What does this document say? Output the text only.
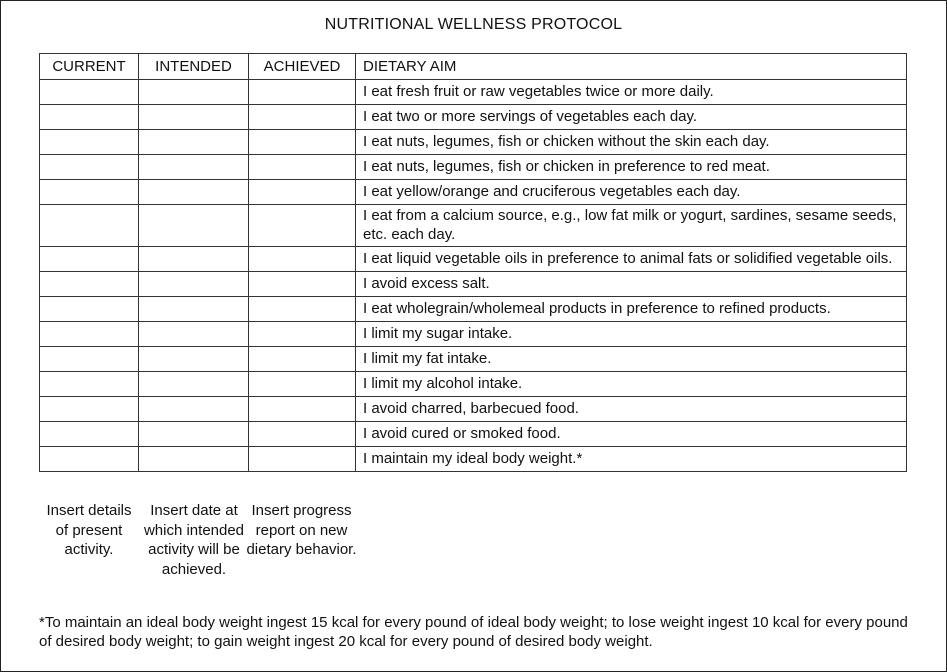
NUTRITIONAL WELLNESS PROTOCOL
CURRENT	INTENDED	ACHIEVED	DIETARY AIM
			I eat fresh fruit or raw vegetables twice or more daily.
			I eat two or more servings of vegetables each day.
			I eat nuts, legumes, fish or chicken without the skin each day.
			I eat nuts, legumes, fish or chicken in preference to red meat.
			I eat yellow/orange and cruciferous vegetables each day.
			I eat from a calcium source, e.g., low fat milk or yogurt, sardines, sesame seeds, etc. each day.
			I eat liquid vegetable oils in preference to animal fats or solidified vegetable oils.
			I avoid excess salt.
			I eat wholegrain/wholemeal products in preference to refined products.
			I limit my sugar intake.
			I limit my fat intake.
			I limit my alcohol intake.
			I avoid charred, barbecued food.
			I avoid cured or smoked food.
			I maintain my ideal body weight.*
Insert details of present activity.
Insert date at which intended activity will be achieved.
Insert progress report on new dietary behavior.
*To maintain an ideal body weight ingest 15 kcal for every pound of ideal body weight; to lose weight ingest 10 kcal for every pound of desired body weight; to gain weight ingest 20 kcal for every pound of desired body weight.
